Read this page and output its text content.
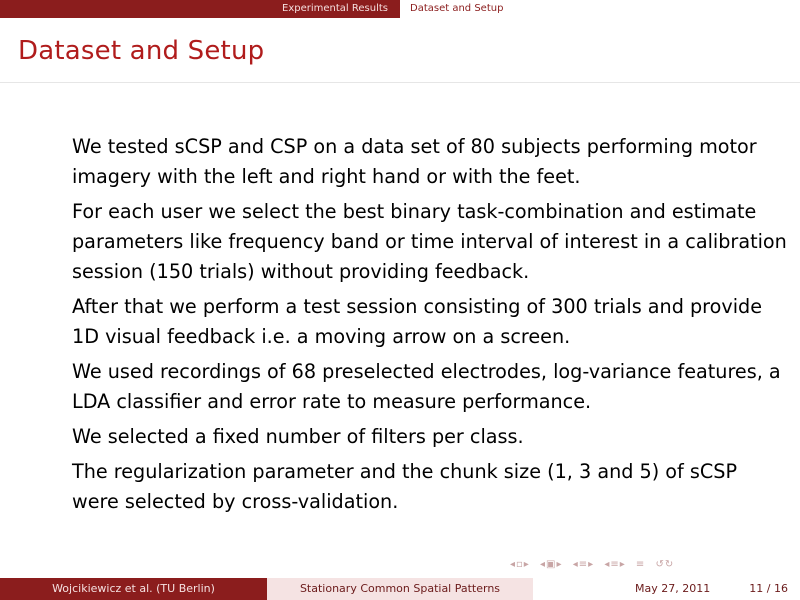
Experimental Results Dataset and Setup
Dataset and Setup

We tested sCSP and CSP on a data set of 80 subjects performing motor imagery with the left and right hand or with the feet.

For each user we select the best binary task-combination and estimate parameters like frequency band or time interval of interest in a calibration session (150 trials) without providing feedback.

After that we perform a test session consisting of 300 trials and provide 1D visual feedback i.e. a moving arrow on a screen.

We used recordings of 68 preselected electrodes, log-variance features, a LDA classifier and error rate to measure performance.

We selected a fixed number of filters per class.

The regularization parameter and the chunk size (1, 3 and 5) of sCSP were selected by cross-validation.

◂▫▸ ◂▣▸ ◂≡▸ ◂≡▸ ≡ ↺↻
Wojcikiewicz et al. (TU Berlin)	Stationary Common Spatial Patterns	May 27, 2011	11 / 16
